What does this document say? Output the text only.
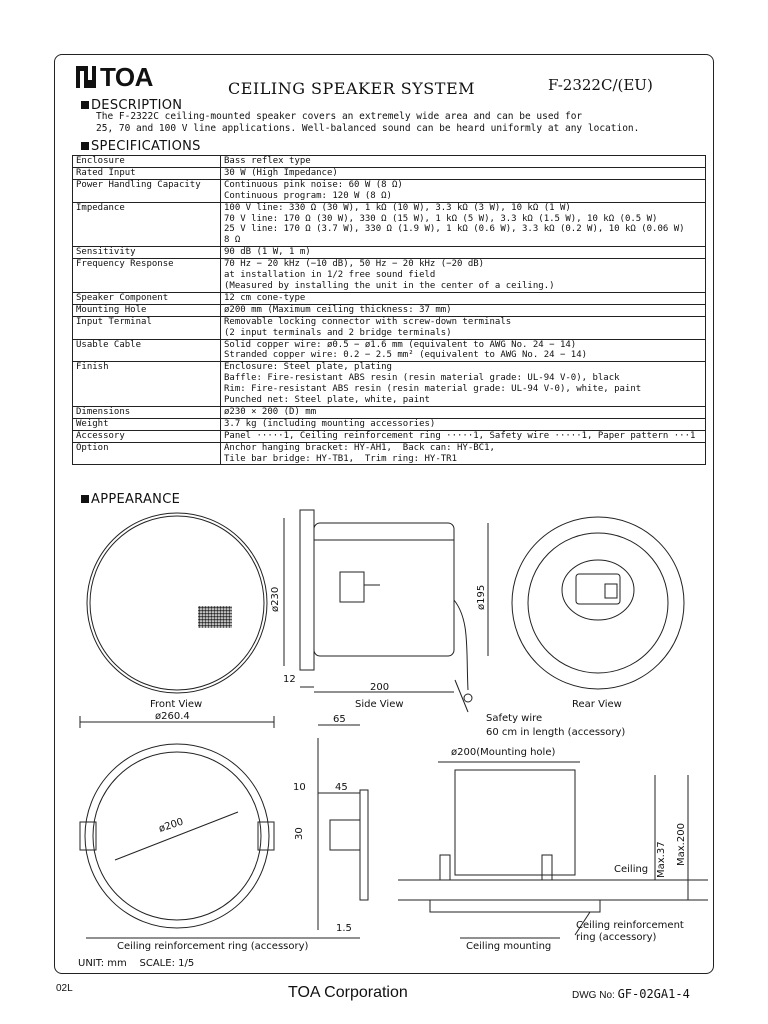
TOA	CEILING SPEAKER SYSTEM	F-2322C/(EU)
DESCRIPTION
The F-2322C ceiling-mounted speaker covers an extremely wide area and can be used for
25, 70 and 100 V line applications. Well-balanced sound can be heard uniformly at any location.
SPECIFICATIONS
Enclosure	Bass reflex type

Rated Input	30 W (High Impedance)

Power Handling Capacity	Continuous pink noise: 60 W (8 Ω)
Continuous program: 120 W (8 Ω)

Impedance	100 V line: 330 Ω (30 W), 1 kΩ (10 W), 3.3 kΩ (3 W), 10 kΩ (1 W)
70 V line: 170 Ω (30 W), 330 Ω (15 W), 1 kΩ (5 W), 3.3 kΩ (1.5 W), 10 kΩ (0.5 W)
25 V line: 170 Ω (3.7 W), 330 Ω (1.9 W), 1 kΩ (0.6 W), 3.3 kΩ (0.2 W), 10 kΩ (0.06 W)
8 Ω

Sensitivity	90 dB (1 W, 1 m)

Frequency Response	70 Hz − 20 kHz (−10 dB), 50 Hz − 20 kHz (−20 dB)
at installation in 1/2 free sound field
(Measured by installing the unit in the center of a ceiling.)

Speaker Component	12 cm cone-type

Mounting Hole	ø200 mm (Maximum ceiling thickness: 37 mm)

Input Terminal	Removable locking connector with screw-down terminals
(2 input terminals and 2 bridge terminals)

Usable Cable	Solid copper wire: ø0.5 − ø1.6 mm (equivalent to AWG No. 24 − 14)
Stranded copper wire: 0.2 − 2.5 mm² (equivalent to AWG No. 24 − 14)

Finish	Enclosure: Steel plate, plating
Baffle: Fire-resistant ABS resin (resin material grade: UL-94 V-0), black
Rim: Fire-resistant ABS resin (resin material grade: UL-94 V-0), white, paint
Punched net: Steel plate, white, paint

Dimensions	ø230 × 200 (D) mm

Weight	3.7 kg (including mounting accessories)

Accessory	Panel ·····1, Ceiling reinforcement ring ·····1, Safety wire ·····1, Paper pattern ···1

Option	Anchor hanging bracket: HY-AH1,  Back can: HY-BC1,
Tile bar bridge: HY-TB1,  Trim ring: HY-TR1
APPEARANCE
Front View
ø260.4
ø230	ø195
12
200
Side View	Rear View
Safety wire
60 cm in length (accessory)
ø200
Ceiling reinforcement ring (accessory)
65
10	45
30
1.5
ø200(Mounting hole)
Ceiling Max.37 Max.200
Ceiling reinforcement
ring (accessory)
Ceiling mounting
UNIT: mm    SCALE: 1/5
02L	TOA Corporation	DWG No: GF-02GA1-4
